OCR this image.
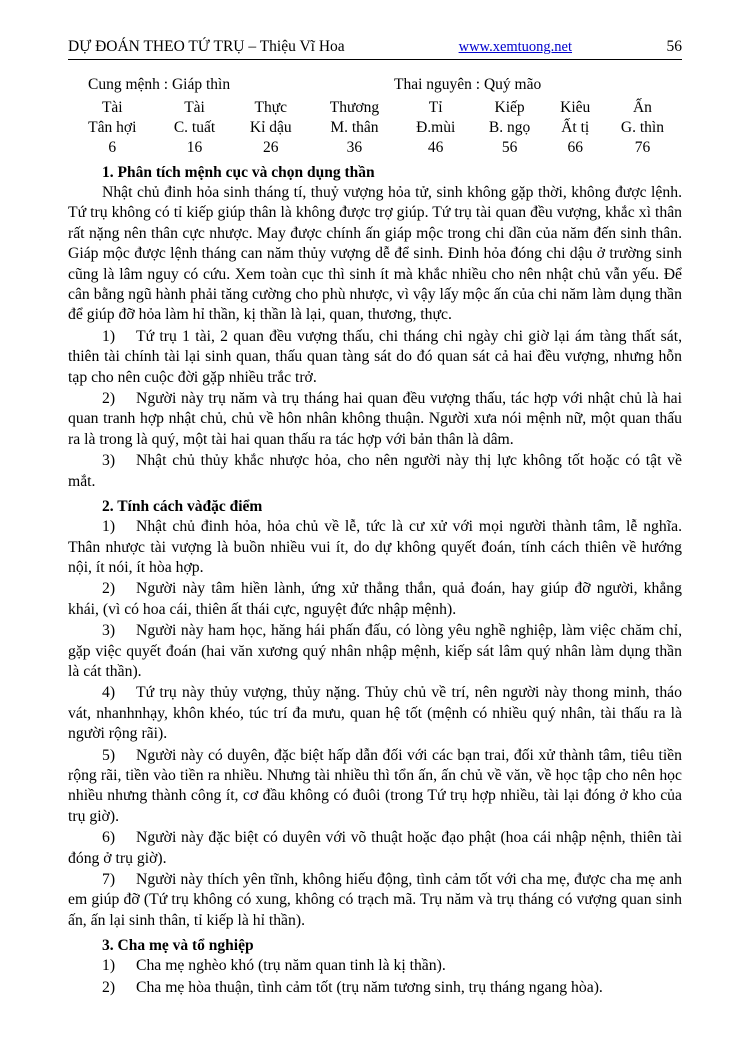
DỰ ĐOÁN THEO TỨ TRỤ – Thiệu Vĩ Hoa	www.xemtuong.net	56
Cung mệnh : Giáp thìn	Thai nguyên : Quý mão
Tài	Tài	Thực	Thương	Tỉ	Kiếp	Kiêu	Ấn
Tân hợi	C. tuất	Kỉ dậu	M. thân	Đ.mùi	B. ngọ	Ất tị	G. thìn
6	16	26	36	46	56	66	76
1. Phân tích mệnh cục và chọn dụng thần

Nhật chủ đinh hỏa sinh tháng tí, thuỷ vượng hỏa tử, sinh không gặp thời, không được lệnh. Tứ trụ không có tỉ kiếp giúp thân là không được trợ giúp. Tứ trụ tài quan đều vượng, khắc xì thân rất nặng nên thân cực nhược. May được chính ấn giáp mộc trong chi dần của năm đến sinh thân. Giáp mộc được lệnh tháng can năm thủy vượng dễ để sinh. Đinh hỏa đóng chi dậu ở trường sinh cũng là lâm nguy có cứu. Xem toàn cục thì sinh ít mà khắc nhiều cho nên nhật chủ vẫn yếu. Để cân bằng ngũ hành phải tăng cường cho phù nhược, vì vậy lấy mộc ấn của chi năm làm dụng thần để giúp đỡ hỏa làm hỉ thần, kị thần là lại, quan, thương, thực.

1) Tứ trụ 1 tài, 2 quan đều vượng thấu, chi tháng chi ngày chi giờ lại ám tàng thất sát, thiên tài chính tài lại sinh quan, thấu quan tàng sát do đó quan sát cả hai đều vượng, nhưng hỗn tạp cho nên cuộc đời gặp nhiều trắc trở.
2) Người này trụ năm và trụ tháng hai quan đều vượng thấu, tác hợp với nhật chủ là hai quan tranh hợp nhật chủ, chủ về hôn nhân không thuận. Người xưa nói mệnh nữ, một quan thấu ra là trong là quý, một tài hai quan thấu ra tác hợp với bản thân là dâm.
3) Nhật chủ thủy khắc nhược hỏa, cho nên người này thị lực không tốt hoặc có tật về mắt.
2. Tính cách vàđặc điểm
1) Nhật chủ đinh hỏa, hỏa chủ về lễ, tức là cư xử với mọi người thành tâm, lễ nghĩa. Thân nhược tài vượng là buồn nhiều vui ít, do dự không quyết đoán, tính cách thiên về hướng nội, ít nói, ít hòa hợp.
2) Người này tâm hiền lành, ứng xử thẳng thắn, quả đoán, hay giúp đỡ người, khẳng khái, (vì có hoa cái, thiên ất thái cực, nguyệt đức nhập mệnh).
3) Người này ham học, hăng hái phấn đấu, có lòng yêu nghề nghiệp, làm việc chăm chỉ, gặp việc quyết đoán (hai văn xương quý nhân nhập mệnh, kiếp sát lâm quý nhân làm dụng thần là cát thần).
4) Tứ trụ này thủy vượng, thủy nặng. Thủy chủ về trí, nên người này thong minh, tháo vát, nhanhnhạy, khôn khéo, túc trí đa mưu, quan hệ tốt (mệnh có nhiều quý nhân, tài thấu ra là người rộng rãi).
5) Người này có duyên, đặc biệt hấp dẫn đối với các bạn trai, đối xử thành tâm, tiêu tiền rộng rãi, tiền vào tiền ra nhiều. Nhưng tài nhiều thì tổn ấn, ấn chủ về văn, về học tập cho nên học nhiều nhưng thành công ít, cơ đầu không có đuôi (trong Tứ trụ hợp nhiều, tài lại đóng ở kho của trụ giờ).
6) Người này đặc biệt có duyên với võ thuật hoặc đạo phật (hoa cái nhập nệnh, thiên tài đóng ở trụ giờ).
7) Người này thích yên tĩnh, không hiếu động, tình cảm tốt với cha mẹ, được cha mẹ anh em giúp đỡ (Tứ trụ không có xung, không có trạch mã. Trụ năm và trụ tháng có vượng quan sinh ấn, ấn lại sinh thân, tỉ kiếp là hỉ thần).
3. Cha mẹ và tổ nghiệp
1) Cha mẹ nghèo khó (trụ năm quan tinh là kị thần).
2) Cha mẹ hòa thuận, tình cảm tốt (trụ năm tương sinh, trụ tháng ngang hòa).
